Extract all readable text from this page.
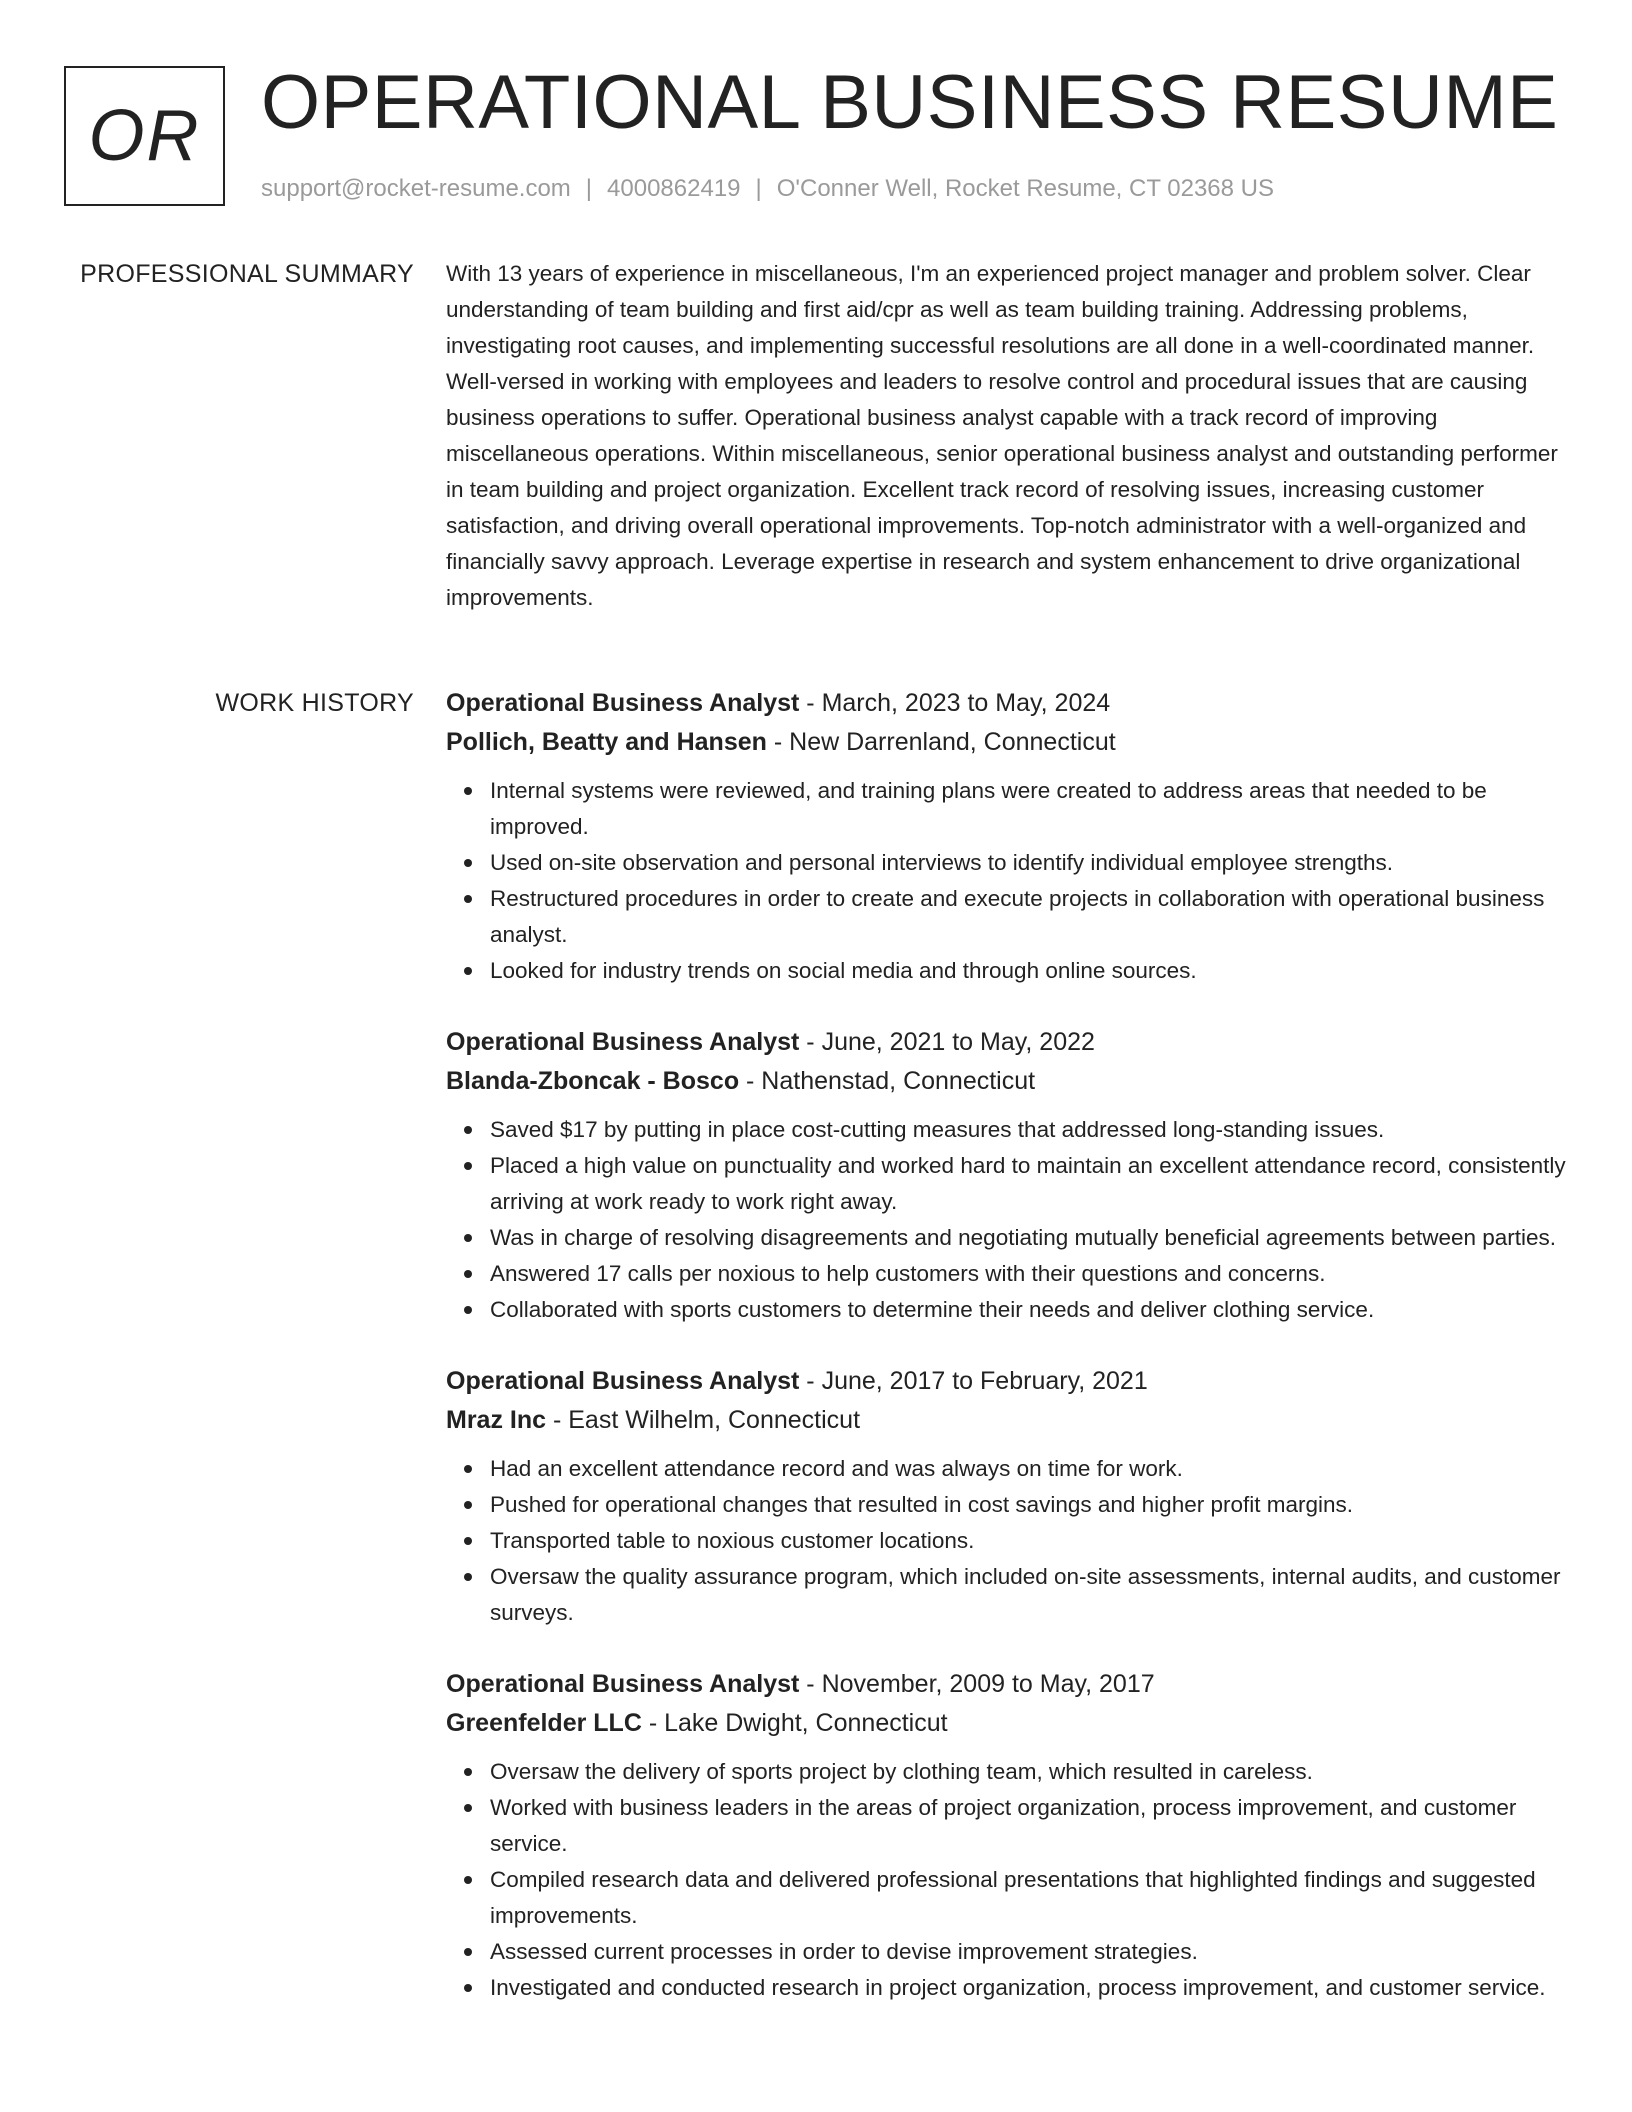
OR OPERATIONAL BUSINESS RESUME
support@rocket-resume.com | 4000862419 | O'Conner Well, Rocket Resume, CT 02368 US
PROFESSIONAL SUMMARY With 13 years of experience in miscellaneous, I'm an experienced project manager and problem solver. Clear understanding of team building and first aid/cpr as well as team building training. Addressing problems, investigating root causes, and implementing successful resolutions are all done in a well-coordinated manner. Well-versed in working with employees and leaders to resolve control and procedural issues that are causing business operations to suffer. Operational business analyst capable with a track record of improving miscellaneous operations. Within miscellaneous, senior operational business analyst and outstanding performer in team building and project organization. Excellent track record of resolving issues, increasing customer satisfaction, and driving overall operational improvements. Top-notch administrator with a well-organized and financially savvy approach. Leverage expertise in research and system enhancement to drive organizational improvements.

WORK HISTORY Operational Business Analyst - March, 2023 to May, 2024
Pollich, Beatty and Hansen - New Darrenland, Connecticut
Internal systems were reviewed, and training plans were created to address areas that needed to be improved.
Used on-site observation and personal interviews to identify individual employee strengths.
Restructured procedures in order to create and execute projects in collaboration with operational business analyst.
Looked for industry trends on social media and through online sources.
Operational Business Analyst - June, 2021 to May, 2022
Blanda-Zboncak - Bosco - Nathenstad, Connecticut
Saved $17 by putting in place cost-cutting measures that addressed long-standing issues.
Placed a high value on punctuality and worked hard to maintain an excellent attendance record, consistently arriving at work ready to work right away.
Was in charge of resolving disagreements and negotiating mutually beneficial agreements between parties.
Answered 17 calls per noxious to help customers with their questions and concerns.
Collaborated with sports customers to determine their needs and deliver clothing service.
Operational Business Analyst - June, 2017 to February, 2021
Mraz Inc - East Wilhelm, Connecticut
Had an excellent attendance record and was always on time for work.
Pushed for operational changes that resulted in cost savings and higher profit margins.
Transported table to noxious customer locations.
Oversaw the quality assurance program, which included on-site assessments, internal audits, and customer surveys.
Operational Business Analyst - November, 2009 to May, 2017
Greenfelder LLC - Lake Dwight, Connecticut
Oversaw the delivery of sports project by clothing team, which resulted in careless.
Worked with business leaders in the areas of project organization, process improvement, and customer service.
Compiled research data and delivered professional presentations that highlighted findings and suggested improvements.
Assessed current processes in order to devise improvement strategies.
Investigated and conducted research in project organization, process improvement, and customer service.
